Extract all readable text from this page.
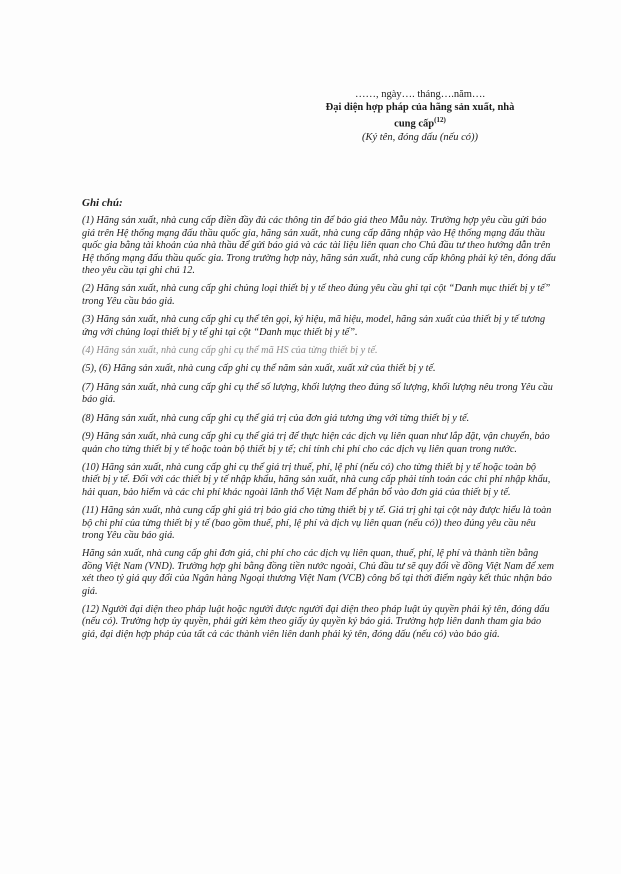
……, ngày…. tháng….năm….
Đại diện hợp pháp của hãng sản xuất, nhà
cung cấp$^{(12)}$
(Ký tên, đóng dấu (nếu có))
Ghi chú:

(1) Hãng sản xuất, nhà cung cấp điền đầy đủ các thông tin để báo giá theo Mẫu này. Trường hợp yêu cầu gửi báo giá trên Hệ thống mạng đấu thầu quốc gia, hãng sản xuất, nhà cung cấp đăng nhập vào Hệ thống mạng đấu thầu quốc gia bằng tài khoản của nhà thầu để gửi báo giá và các tài liệu liên quan cho Chủ đầu tư theo hướng dẫn trên Hệ thống mạng đấu thầu quốc gia. Trong trường hợp này, hãng sản xuất, nhà cung cấp không phải ký tên, đóng dấu theo yêu cầu tại ghi chú 12.

(2) Hãng sản xuất, nhà cung cấp ghi chủng loại thiết bị y tế theo đúng yêu cầu ghi tại cột “Danh mục thiết bị y tế” trong Yêu cầu báo giá.

(3) Hãng sản xuất, nhà cung cấp ghi cụ thể tên gọi, ký hiệu, mã hiệu, model, hãng sản xuất của thiết bị y tế tương ứng với chủng loại thiết bị y tế ghi tại cột “Danh mục thiết bị y tế”.

(4) Hãng sản xuất, nhà cung cấp ghi cụ thể mã HS của từng thiết bị y tế.

(5), (6) Hãng sản xuất, nhà cung cấp ghi cụ thể năm sản xuất, xuất xứ của thiết bị y tế.

(7) Hãng sản xuất, nhà cung cấp ghi cụ thể số lượng, khối lượng theo đúng số lượng, khối lượng nêu trong Yêu cầu báo giá.

(8) Hãng sản xuất, nhà cung cấp ghi cụ thể giá trị của đơn giá tương ứng với từng thiết bị y tế.

(9) Hãng sản xuất, nhà cung cấp ghi cụ thể giá trị để thực hiện các dịch vụ liên quan như lắp đặt, vận chuyển, bảo quản cho từng thiết bị y tế hoặc toàn bộ thiết bị y tế; chỉ tính chi phí cho các dịch vụ liên quan trong nước.

(10) Hãng sản xuất, nhà cung cấp ghi cụ thể giá trị thuế, phí, lệ phí (nếu có) cho từng thiết bị y tế hoặc toàn bộ thiết bị y tế. Đối với các thiết bị y tế nhập khẩu, hãng sản xuất, nhà cung cấp phải tính toán các chi phí nhập khẩu, hải quan, bảo hiểm và các chi phí khác ngoài lãnh thổ Việt Nam để phân bổ vào đơn giá của thiết bị y tế.

(11) Hãng sản xuất, nhà cung cấp ghi giá trị báo giá cho từng thiết bị y tế. Giá trị ghi tại cột này được hiểu là toàn bộ chi phí của từng thiết bị y tế (bao gồm thuế, phí, lệ phí và dịch vụ liên quan (nếu có)) theo đúng yêu cầu nêu trong Yêu cầu báo giá.

Hãng sản xuất, nhà cung cấp ghi đơn giá, chi phí cho các dịch vụ liên quan, thuế, phí, lệ phí và thành tiền bằng đồng Việt Nam (VND). Trường hợp ghi bằng đồng tiền nước ngoài, Chủ đầu tư sẽ quy đổi về đồng Việt Nam để xem xét theo tỷ giá quy đổi của Ngân hàng Ngoại thương Việt Nam (VCB) công bố tại thời điểm ngày kết thúc nhận báo giá.

(12) Người đại diện theo pháp luật hoặc người được người đại diện theo pháp luật ủy quyền phải ký tên, đóng dấu (nếu có). Trường hợp ủy quyền, phải gửi kèm theo giấy ủy quyền ký báo giá. Trường hợp liên danh tham gia báo giá, đại diện hợp pháp của tất cả các thành viên liên danh phải ký tên, đóng dấu (nếu có) vào báo giá.
